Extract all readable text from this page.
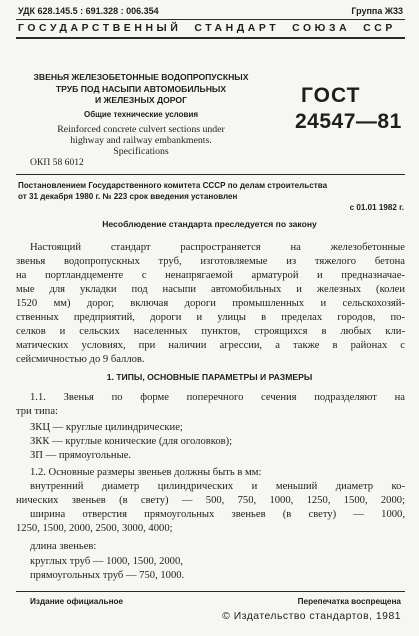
УДК 628.145.5 : 691.328 : 006.354	Группа Ж33
ГОСУДАРСТВЕННЫЙ  СТАНДАРТ  СОЮЗА  ССР
ЗВЕНЬЯ ЖЕЛЕЗОБЕТОННЫЕ ВОДОПРОПУСКНЫХ
ТРУБ ПОД НАСЫПИ АВТОМОБИЛЬНЫХ
И ЖЕЛЕЗНЫХ ДОРОГ
Общие технические условия
Reinforced concrete culvert sections under
highway and railway embankments.
Specifications
ОКП 58 6012
ГОСТ
24547—81
Постановлением Государственного комитета СССР по делам строительства
от 31 декабря 1980 г. № 223 срок введения установлен
с 01.01 1982 г.
Несоблюдение стандарта преследуется по закону
Настоящий стандарт распространяется на железобетонные
звенья водопропускных труб, изготовляемые из тяжелого бетона
на портландцементе с ненапрягаемой арматурой и предназначае-
мые для укладки под насыпи автомобильных и железных (колеи
1520 мм) дорог, включая дороги промышленных и сельскохозяй-
ственных предприятий, дороги и улицы в пределах городов, по-
селков и сельских населенных пунктов, строящихся в любых кли-
матических условиях, при наличии агрессии, а также в районах с
сейсмичностью до 9 баллов.
1. ТИПЫ, ОСНОВНЫЕ ПАРАМЕТРЫ И РАЗМЕРЫ
1.1. Звенья по форме поперечного сечения подразделяют на
три типа:
ЗКЦ — круглые цилиндрические;
ЗКК — круглые конические (для оголовков);
ЗП — прямоугольные.
1.2. Основные размеры звеньев должны быть в мм:
внутренний диаметр цилиндрических и меньший диаметр ко-
нических звеньев (в свету) — 500, 750, 1000, 1250, 1500, 2000;
ширина отверстия прямоугольных звеньев (в свету) — 1000,
1250, 1500, 2000, 2500, 3000, 4000;
длина звеньев:
круглых труб — 1000, 1500, 2000,
прямоугольных труб — 750, 1000.
Издание официальное	Перепечатка воспрещена
© Издательство стандартов, 1981
